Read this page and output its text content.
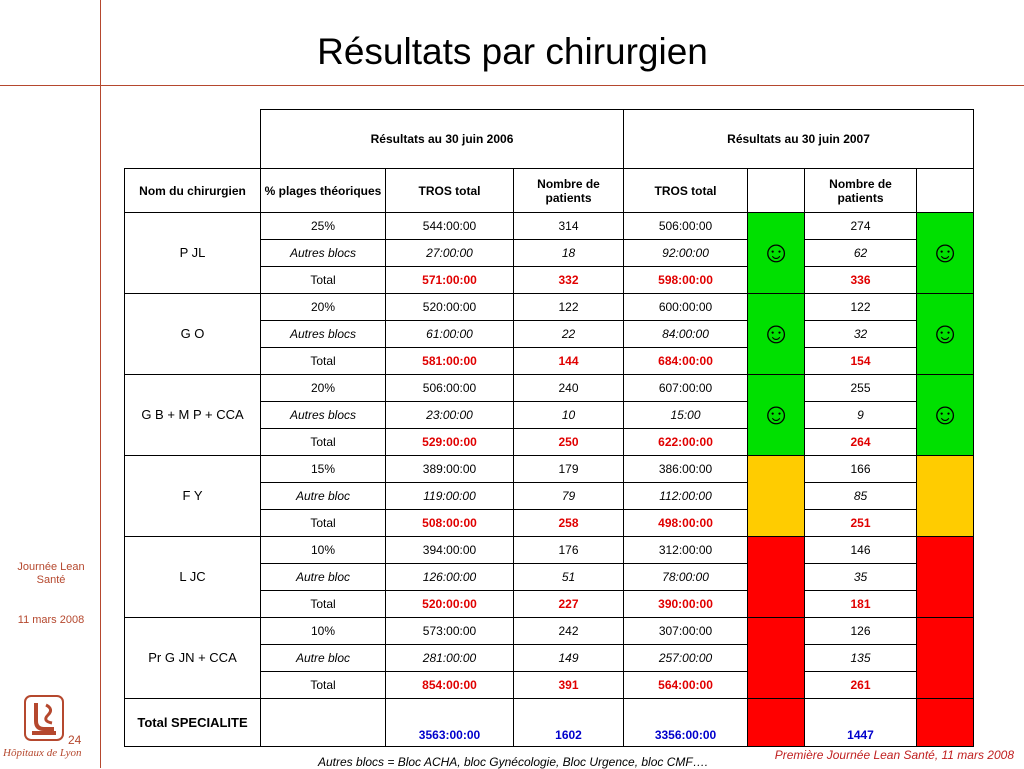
Résultats par chirurgien
Journée Lean Santé
11 mars 2008
24
Hôpitaux de Lyon	Première Journée Lean Santé, 11 mars 2008
Autres blocs = Bloc ACHA, bloc Gynécologie, Bloc Urgence, bloc CMF….
	Résultats au 30 juin 2006			Résultats au 30 juin 2007			
Nom du chirurgien	% plages théoriques	TROS total	Nombre de patients	TROS total		Nombre de patients	
P JL	25%	544:00:00	314	506:00:00	☺	274	☺
	Autres blocs	27:00:00	18	92:00:00		62	
	Total	571:00:00	332	598:00:00		336	
G O	20%	520:00:00	122	600:00:00	☺	122	☺
	Autres blocs	61:00:00	22	84:00:00		32	
	Total	581:00:00	144	684:00:00		154	
G B + M P + CCA	20%	506:00:00	240	607:00:00	☺	255	☺
	Autres blocs	23:00:00	10	15:00		9	
	Total	529:00:00	250	622:00:00		264	
F Y	15%	389:00:00	179	386:00:00		166	
	Autre bloc	119:00:00	79	112:00:00		85	
	Total	508:00:00	258	498:00:00		251	
L JC	10%	394:00:00	176	312:00:00		146	
	Autre bloc	126:00:00	51	78:00:00		35	
	Total	520:00:00	227	390:00:00		181	
Pr G JN + CCA	10%	573:00:00	242	307:00:00		126	
	Autre bloc	281:00:00	149	257:00:00		135	
	Total	854:00:00	391	564:00:00		261	
Total SPECIALITE		3563:00:00	1602	3356:00:00		1447	
